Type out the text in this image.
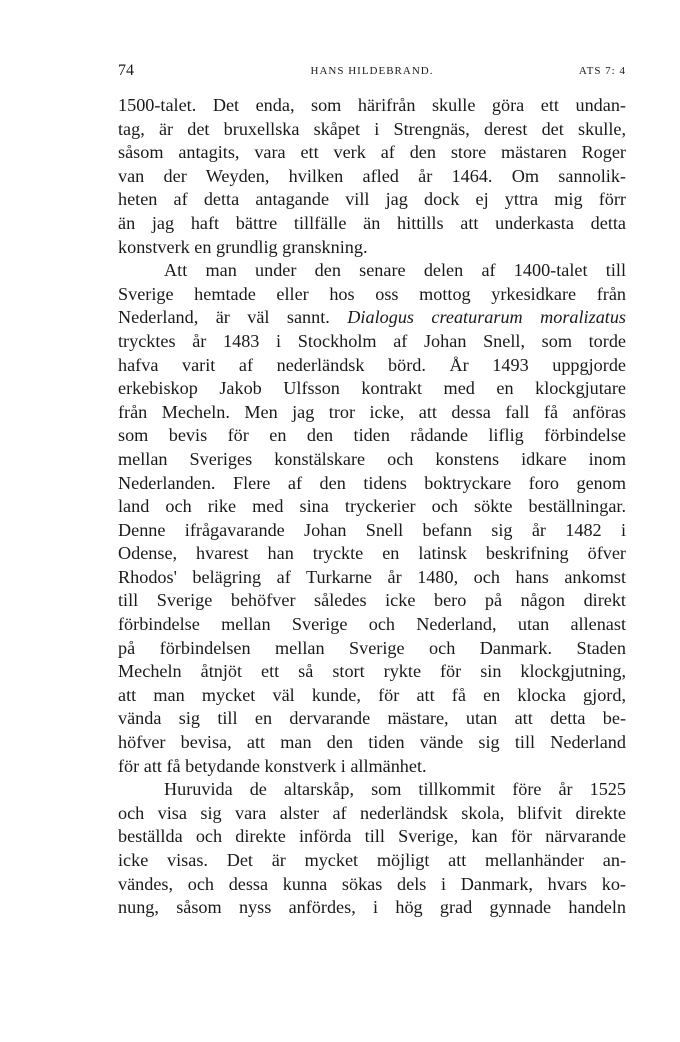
74	HANS HILDEBRAND.	ATS 7: 4
1500-talet. Det enda, som härifrån skulle göra ett undan-
tag, är det bruxellska skåpet i Strengnäs, derest det skulle,
såsom antagits, vara ett verk af den store mästaren Roger
van der Weyden, hvilken afled år 1464. Om sannolik-
heten af detta antagande vill jag dock ej yttra mig förr
än jag haft bättre tillfälle än hittills att underkasta detta
konstverk en grundlig granskning.
Att man under den senare delen af 1400-talet till
Sverige hemtade eller hos oss mottog yrkesidkare från
Nederland, är väl sannt. Dialogus creaturarum moralizatus
trycktes år 1483 i Stockholm af Johan Snell, som torde
hafva varit af nederländsk börd. År 1493 uppgjorde
erkebiskop Jakob Ulfsson kontrakt med en klockgjutare
från Mecheln. Men jag tror icke, att dessa fall få anföras
som bevis för en den tiden rådande liflig förbindelse
mellan Sveriges konstälskare och konstens idkare inom
Nederlanden. Flere af den tidens boktryckare foro genom
land och rike med sina tryckerier och sökte beställningar.
Denne ifrågavarande Johan Snell befann sig år 1482 i
Odense, hvarest han tryckte en latinsk beskrifning öfver
Rhodos' belägring af Turkarne år 1480, och hans ankomst
till Sverige behöfver således icke bero på någon direkt
förbindelse mellan Sverige och Nederland, utan allenast
på förbindelsen mellan Sverige och Danmark. Staden
Mecheln åtnjöt ett så stort rykte för sin klockgjutning,
att man mycket väl kunde, för att få en klocka gjord,
vända sig till en dervarande mästare, utan att detta be-
höfver bevisa, att man den tiden vände sig till Nederland
för att få betydande konstverk i allmänhet.
Huruvida de altarskåp, som tillkommit före år 1525
och visa sig vara alster af nederländsk skola, blifvit direkte
beställda och direkte införda till Sverige, kan för närvarande
icke visas. Det är mycket möjligt att mellanhänder an-
vändes, och dessa kunna sökas dels i Danmark, hvars ko-
nung, såsom nyss anfördes, i hög grad gynnade handeln
